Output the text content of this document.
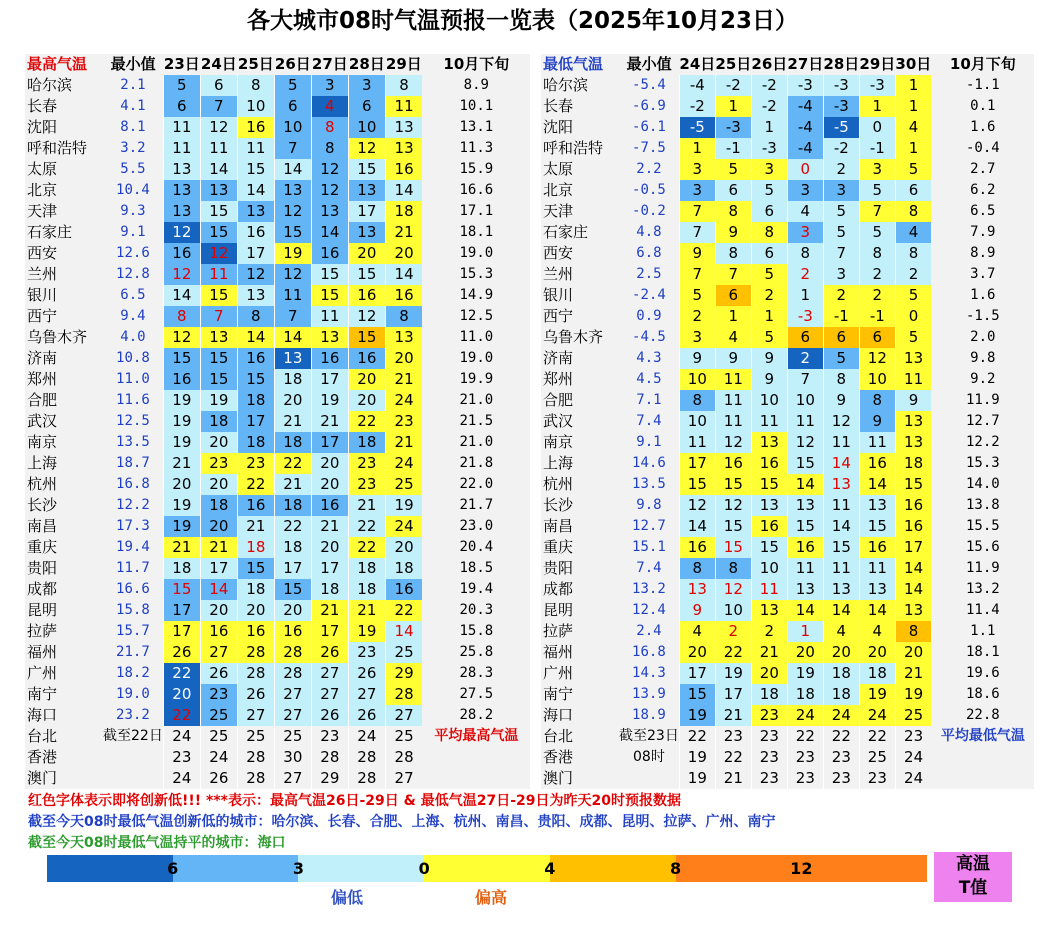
各大城市08时气温预报一览表（2025年10月23日）
最高气温	最小值	23日	24日	25日	26日	27日	28日	29日	10月下旬
哈尔滨	2.1	5	6	8	5	3	3	8	8.9
长春	4.1	6	7	10	6	4	6	11	10.1
沈阳	8.1	11	12	16	10	8	10	13	13.1
呼和浩特	3.2	11	11	11	7	8	12	13	11.3
太原	5.5	13	14	15	14	12	15	16	15.9
北京	10.4	13	13	14	13	12	13	14	16.6
天津	9.3	13	15	13	12	13	17	18	17.1
石家庄	9.1	12	15	16	15	14	13	21	18.1
西安	12.6	16	12	17	19	16	20	20	19.0
兰州	12.8	12	11	12	12	15	15	14	15.3
银川	6.5	14	15	13	11	15	16	16	14.9
西宁	9.4	8	7	8	7	11	12	8	12.5
乌鲁木齐	4.0	12	13	14	14	13	15	13	11.0
济南	10.8	15	15	16	13	16	16	20	19.0
郑州	11.0	16	15	15	18	17	20	21	19.9
合肥	11.6	19	19	18	20	19	20	24	21.0
武汉	12.5	19	18	17	21	21	22	23	21.5
南京	13.5	19	20	18	18	17	18	21	21.0
上海	18.7	21	23	23	22	20	23	24	21.8
杭州	16.8	20	20	22	21	20	23	25	22.0
长沙	12.2	19	18	16	18	16	21	19	21.7
南昌	17.3	19	20	21	22	21	22	24	23.0
重庆	19.4	21	21	18	18	20	22	20	20.4
贵阳	11.7	18	17	15	17	17	18	18	18.5
成都	16.6	15	14	18	15	18	18	16	19.4
昆明	15.8	17	20	20	20	21	21	22	20.3
拉萨	15.7	17	16	16	16	17	19	14	15.8
福州	21.7	26	27	28	28	26	23	25	25.8
广州	18.2	22	26	28	28	27	26	29	28.3
南宁	19.0	20	23	26	27	27	27	28	27.5
海口	23.2	22	25	27	27	26	26	27	28.2
台北	截至22日	24	25	25	25	23	24	25	平均最高气温
香港		23	24	28	30	28	28	28	
澳门		24	26	28	27	29	28	27	
最低气温	最小值	24日	25日	26日	27日	28日	29日	30日	10月下旬
哈尔滨	-5.4	-4	-2	-2	-3	-3	-3	1	-1.1
长春	-6.9	-2	1	-2	-4	-3	1	1	0.1
沈阳	-6.1	-5	-3	1	-4	-5	0	4	1.6
呼和浩特	-7.5	1	-1	-3	-4	-2	-1	1	-0.4
太原	2.2	3	5	3	0	2	3	5	2.7
北京	-0.5	3	6	5	3	3	5	6	6.2
天津	-0.2	7	8	6	4	5	7	8	6.5
石家庄	4.8	7	9	8	3	5	5	4	7.9
西安	6.8	9	8	6	8	7	8	8	8.9
兰州	2.5	7	7	5	2	3	2	2	3.7
银川	-2.4	5	6	2	1	2	2	5	1.6
西宁	0.9	2	1	1	-3	-1	-1	0	-1.5
乌鲁木齐	-4.5	3	4	5	6	6	6	5	2.0
济南	4.3	9	9	9	2	5	12	13	9.8
郑州	4.5	10	11	9	7	8	10	11	9.2
合肥	7.1	8	11	10	10	9	8	9	11.9
武汉	7.4	10	11	11	11	12	9	13	12.7
南京	9.1	11	12	13	12	11	11	13	12.2
上海	14.6	17	16	16	15	14	16	18	15.3
杭州	13.5	15	15	15	14	13	14	15	14.0
长沙	9.8	12	12	13	13	11	13	16	13.8
南昌	12.7	14	15	16	15	14	15	16	15.5
重庆	15.1	16	15	15	16	15	16	17	15.6
贵阳	7.4	8	8	10	11	11	11	14	11.9
成都	13.2	13	12	11	13	13	13	14	13.2
昆明	12.4	9	10	13	14	14	14	13	11.4
拉萨	2.4	4	2	2	1	4	4	8	1.1
福州	16.8	20	22	21	20	20	20	20	18.1
广州	14.3	17	19	20	19	18	18	21	19.6
南宁	13.9	15	17	18	18	18	19	19	18.6
海口	18.9	19	21	23	24	24	24	25	22.8
台北	截至23日	22	23	23	22	22	22	23	平均最低气温
香港	08时	19	22	23	23	23	25	24	
澳门		19	21	23	23	23	23	24	
红色字体表示即将创新低!!! ***表示：最高气温26日-29日 & 最低气温27日-29日为昨天20时预报数据
截至今天08时最低气温创新低的城市：哈尔滨、长春、合肥、上海、杭州、南昌、贵阳、成都、昆明、拉萨、广州、南宁
截至今天08时最低气温持平的城市：海口
6	3	0	4	8	12
偏低	偏高
高温
T值
